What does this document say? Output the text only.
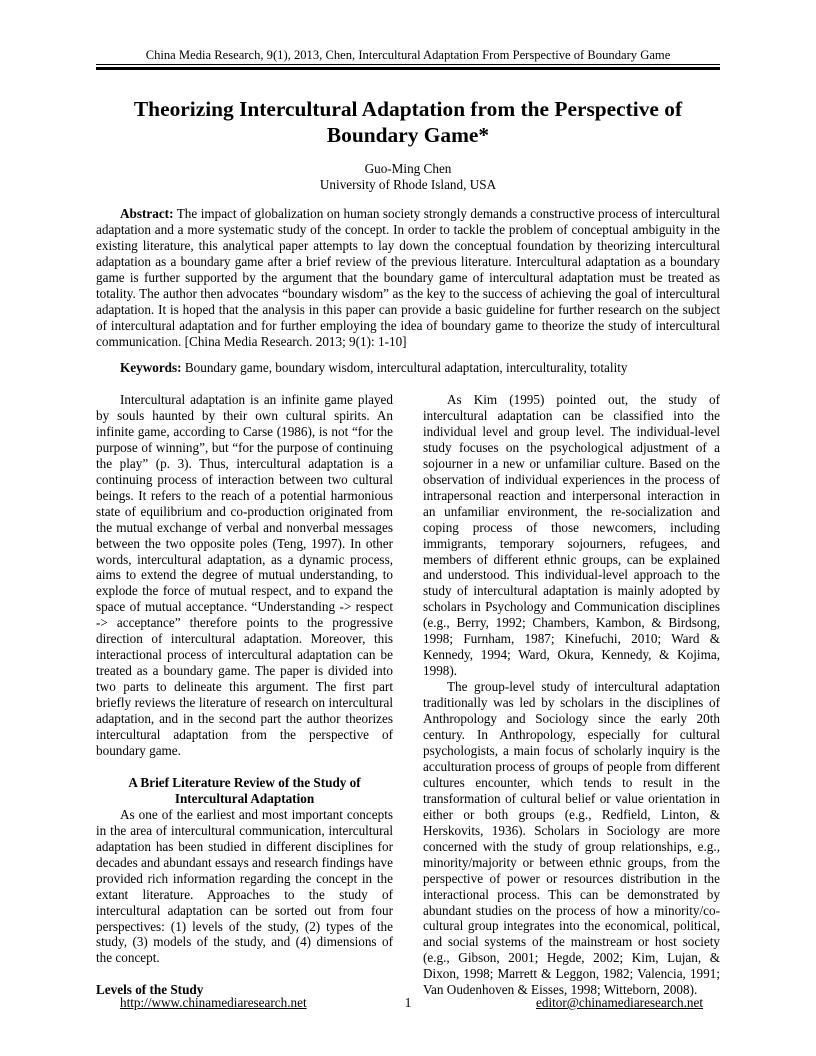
China Media Research, 9(1), 2013, Chen, Intercultural Adaptation From Perspective of Boundary Game
Theorizing Intercultural Adaptation from the Perspective of Boundary Game*
Guo-Ming Chen
University of Rhode Island, USA
Abstract: The impact of globalization on human society strongly demands a constructive process of intercultural adaptation and a more systematic study of the concept. In order to tackle the problem of conceptual ambiguity in the existing literature, this analytical paper attempts to lay down the conceptual foundation by theorizing intercultural adaptation as a boundary game after a brief review of the previous literature. Intercultural adaptation as a boundary game is further supported by the argument that the boundary game of intercultural adaptation must be treated as totality. The author then advocates “boundary wisdom” as the key to the success of achieving the goal of intercultural adaptation. It is hoped that the analysis in this paper can provide a basic guideline for further research on the subject of intercultural adaptation and for further employing the idea of boundary game to theorize the study of intercultural communication. [China Media Research. 2013; 9(1): 1-10]
Keywords: Boundary game, boundary wisdom, intercultural adaptation, interculturality, totality

Intercultural adaptation is an infinite game played by souls haunted by their own cultural spirits. An infinite game, according to Carse (1986), is not “for the purpose of winning”, but “for the purpose of continuing the play” (p. 3). Thus, intercultural adaptation is a continuing process of interaction between two cultural beings. It refers to the reach of a potential harmonious state of equilibrium and co-production originated from the mutual exchange of verbal and nonverbal messages between the two opposite poles (Teng, 1997). In other words, intercultural adaptation, as a dynamic process, aims to extend the degree of mutual understanding, to explode the force of mutual respect, and to expand the space of mutual acceptance. “Understanding -> respect -> acceptance” therefore points to the progressive direction of intercultural adaptation. Moreover, this interactional process of intercultural adaptation can be treated as a boundary game. The paper is divided into two parts to delineate this argument. The first part briefly reviews the literature of research on intercultural adaptation, and in the second part the author theorizes intercultural adaptation from the perspective of boundary game.

A Brief Literature Review of the Study of Intercultural Adaptation

As one of the earliest and most important concepts in the area of intercultural communication, intercultural adaptation has been studied in different disciplines for decades and abundant essays and research findings have provided rich information regarding the concept in the extant literature. Approaches to the study of intercultural adaptation can be sorted out from four perspectives: (1) levels of the study, (2) types of the study, (3) models of the study, and (4) dimensions of the concept.

Levels of the Study

As Kim (1995) pointed out, the study of intercultural adaptation can be classified into the individual level and group level. The individual-level study focuses on the psychological adjustment of a sojourner in a new or unfamiliar culture. Based on the observation of individual experiences in the process of intrapersonal reaction and interpersonal interaction in an unfamiliar environment, the re-socialization and coping process of those newcomers, including immigrants, temporary sojourners, refugees, and members of different ethnic groups, can be explained and understood. This individual-level approach to the study of intercultural adaptation is mainly adopted by scholars in Psychology and Communication disciplines (e.g., Berry, 1992; Chambers, Kambon, & Birdsong, 1998; Furnham, 1987; Kinefuchi, 2010; Ward & Kennedy, 1994; Ward, Okura, Kennedy, & Kojima, 1998).

The group-level study of intercultural adaptation traditionally was led by scholars in the disciplines of Anthropology and Sociology since the early 20th century. In Anthropology, especially for cultural psychologists, a main focus of scholarly inquiry is the acculturation process of groups of people from different cultures encounter, which tends to result in the transformation of cultural belief or value orientation in either or both groups (e.g., Redfield, Linton, & Herskovits, 1936). Scholars in Sociology are more concerned with the study of group relationships, e.g., minority/majority or between ethnic groups, from the perspective of power or resources distribution in the interactional process. This can be demonstrated by abundant studies on the process of how a minority/co-cultural group integrates into the economical, political, and social systems of the mainstream or host society (e.g., Gibson, 2001; Hegde, 2002; Kim, Lujan, & Dixon, 1998; Marrett & Leggon, 1982; Valencia, 1991; Van Oudenhoven & Eisses, 1998; Witteborn, 2008).

1
http://www.chinamediaresearch.net	editor@chinamediaresearch.net
